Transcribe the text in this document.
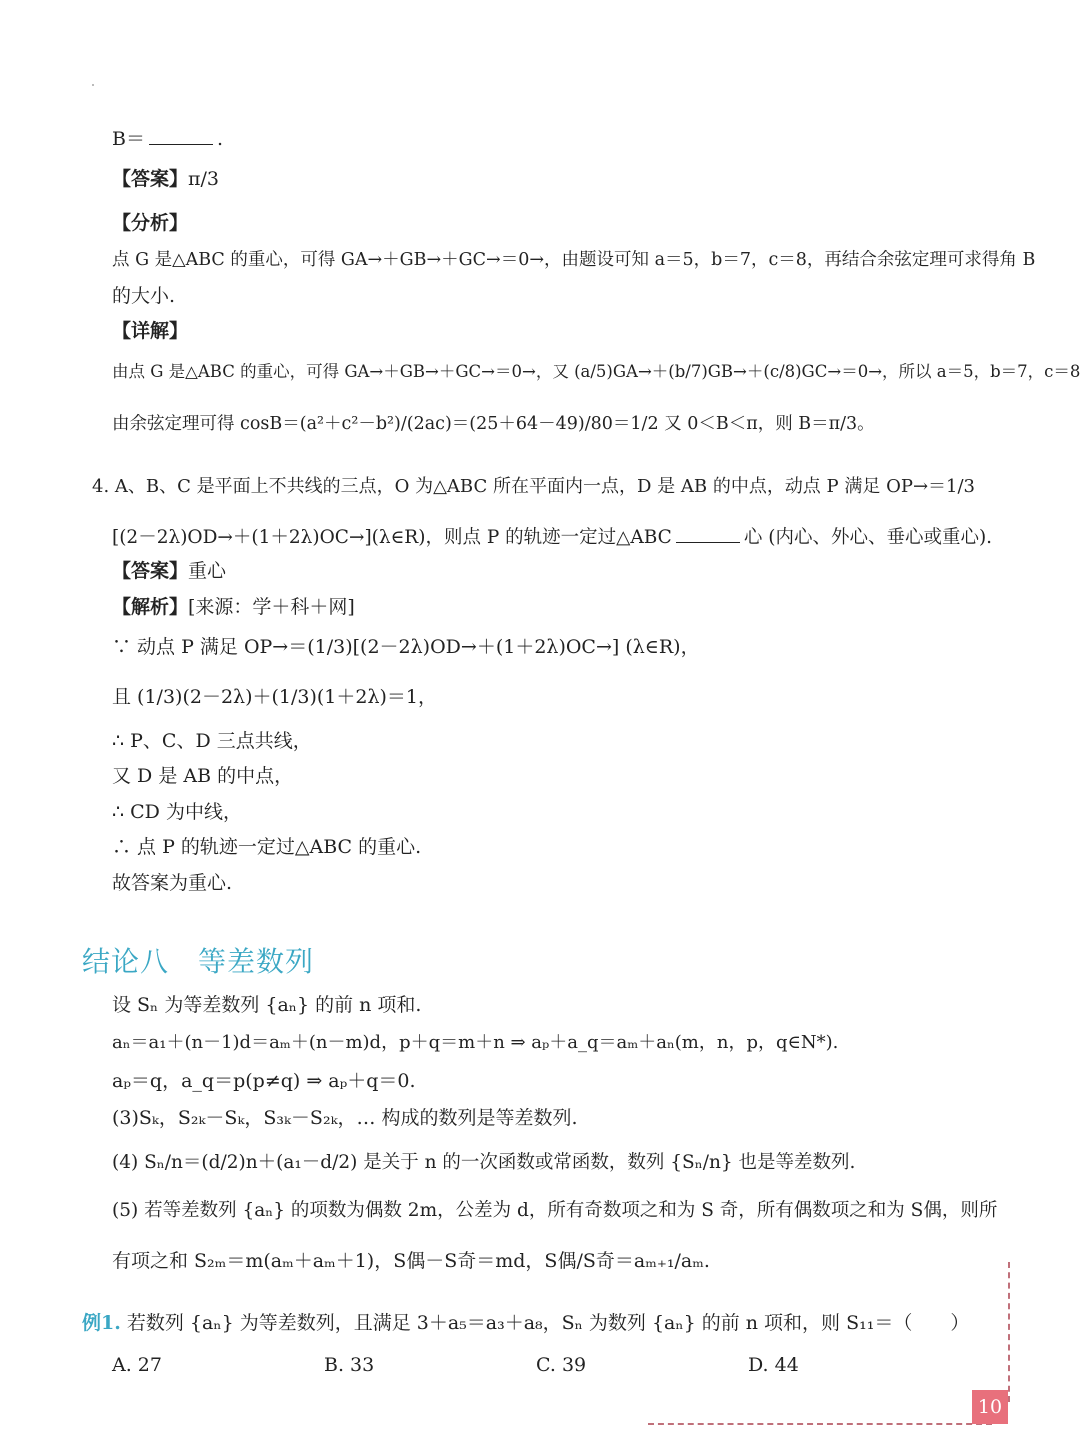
B＝	.
【答案】π/3
【分析】
点 G 是△ABC 的重心，可得 GA→＋GB→＋GC→＝0→，由题设可知 a＝5，b＝7，c＝8，再结合余弦定理可求得角 B
的大小.
【详解】
由点 G 是△ABC 的重心，可得 GA→＋GB→＋GC→＝0→，又 (a/5)GA→＋(b/7)GB→＋(c/8)GC→＝0→，所以 a＝5，b＝7，c＝8
由余弦定理可得 cosB＝(a²＋c²－b²)/(2ac)＝(25＋64－49)/80＝1/2 又 0＜B＜π，则 B＝π/3。
4. A、B、C 是平面上不共线的三点，O 为△ABC 所在平面内一点，D 是 AB 的中点，动点 P 满足 OP→＝1/3
[(2－2λ)OD→＋(1＋2λ)OC→](λ∈R)，则点 P 的轨迹一定过△ABC	心 (内心、外心、垂心或重心).
【答案】重心
【解析】[来源：学＋科＋网]
∵ 动点 P 满足 OP→＝(1/3)[(2－2λ)OD→＋(1＋2λ)OC→] (λ∈R)，
且 (1/3)(2－2λ)＋(1/3)(1＋2λ)＝1，
∴ P、C、D 三点共线，
又 D 是 AB 的中点，
∴ CD 为中线，
∴ 点 P 的轨迹一定过△ABC 的重心.
故答案为重心.
结论八　等差数列
设 Sₙ 为等差数列 {aₙ} 的前 n 项和.
aₙ＝a₁＋(n－1)d＝aₘ＋(n－m)d，p＋q＝m＋n ⇒ aₚ＋a_q＝aₘ＋aₙ(m，n，p，q∈N*).
aₚ＝q，a_q＝p(p≠q) ⇒ aₚ＋q＝0.
(3)Sₖ，S₂ₖ－Sₖ，S₃ₖ－S₂ₖ，… 构成的数列是等差数列.
(4) Sₙ/n＝(d/2)n＋(a₁－d/2) 是关于 n 的一次函数或常函数，数列 {Sₙ/n} 也是等差数列.
(5) 若等差数列 {aₙ} 的项数为偶数 2m，公差为 d，所有奇数项之和为 S 奇，所有偶数项之和为 S偶，则所
有项之和 S₂ₘ＝m(aₘ＋aₘ＋1)，S偶－S奇＝md，S偶/S奇＝aₘ₊₁/aₘ.
例1. 若数列 {aₙ} 为等差数列，且满足 3＋a₅＝a₃＋a₈，Sₙ 为数列 {aₙ} 的前 n 项和，则 S₁₁＝（　　）
A. 27	B. 33	C. 39	D. 44
10
